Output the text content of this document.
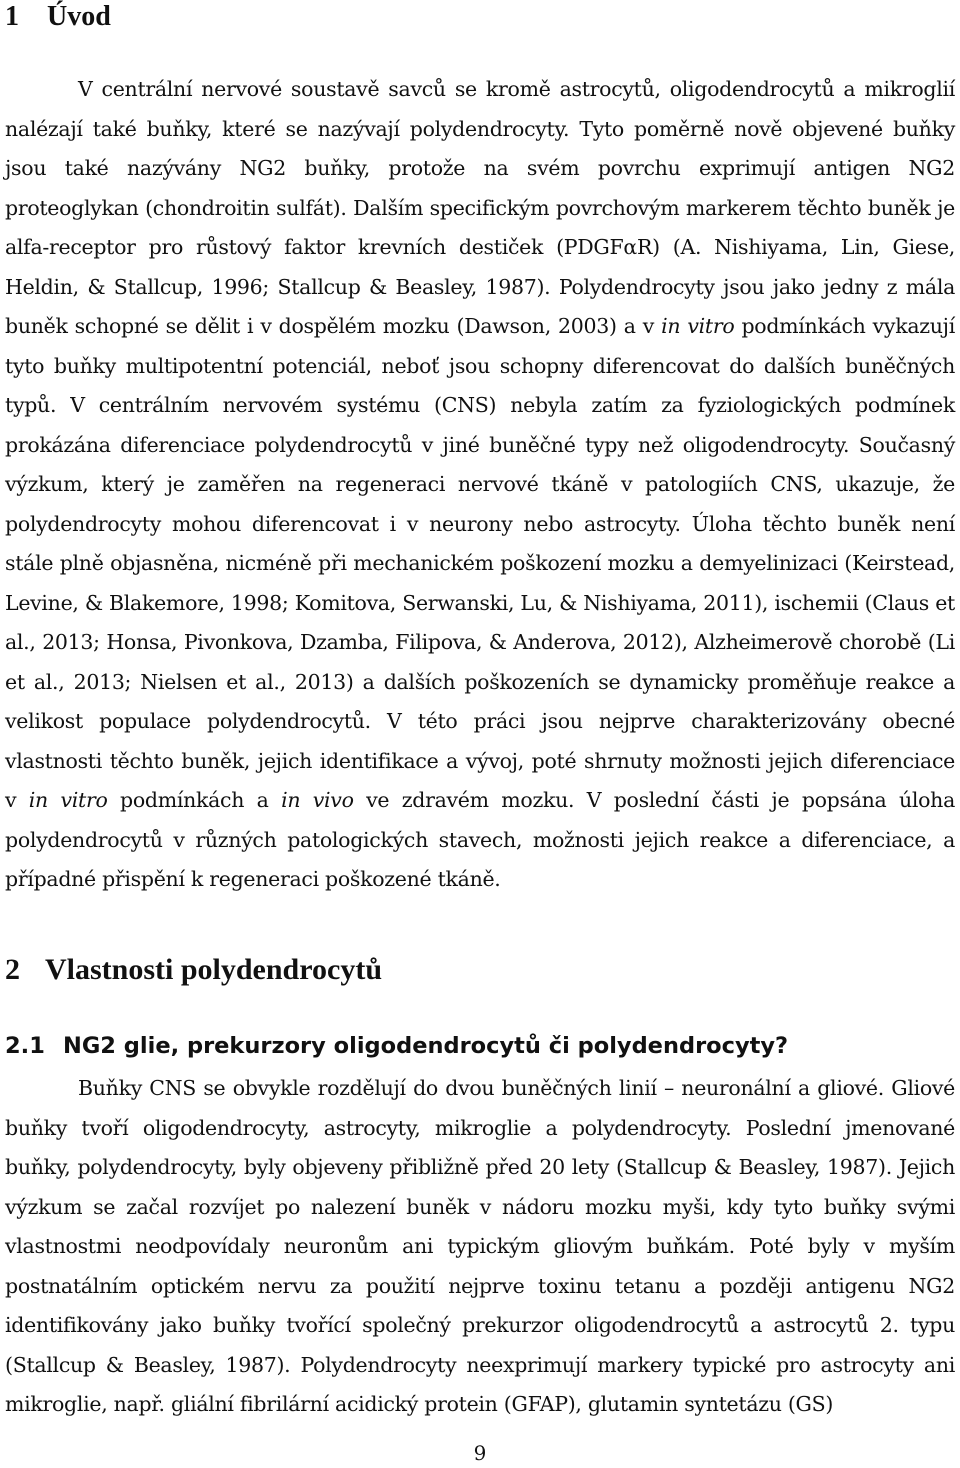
1 Úvod

V centrální nervové soustavě savců se kromě astrocytů, oligodendrocytů a mikroglií nalézají také buňky, které se nazývají polydendrocyty. Tyto poměrně nově objevené buňky jsou také nazývány NG2 buňky, protože na svém povrchu exprimují antigen NG2 proteoglykan (chondroitin sulfát). Dalším specifickým povrchovým markerem těchto buněk je alfa-receptor pro růstový faktor krevních destiček (PDGFαR) (A. Nishiyama, Lin, Giese, Heldin, & Stallcup, 1996; Stallcup & Beasley, 1987). Polydendrocyty jsou jako jedny z mála buněk schopné se dělit i v dospělém mozku (Dawson, 2003) a v in vitro podmínkách vykazují tyto buňky multipotentní potenciál, neboť jsou schopny diferencovat do dalších buněčných typů. V centrálním nervovém systému (CNS) nebyla zatím za fyziologických podmínek prokázána diferenciace polydendrocytů v jiné buněčné typy než oligodendrocyty. Současný výzkum, který je zaměřen na regeneraci nervové tkáně v patologiích CNS, ukazuje, že polydendrocyty mohou diferencovat i v neurony nebo astrocyty. Úloha těchto buněk není stále plně objasněna, nicméně při mechanickém poškození mozku a demyelinizaci (Keirstead, Levine, & Blakemore, 1998; Komitova, Serwanski, Lu, & Nishiyama, 2011), ischemii (Claus et al., 2013; Honsa, Pivonkova, Dzamba, Filipova, & Anderova, 2012), Alzheimerově chorobě (Li et al., 2013; Nielsen et al., 2013) a dalších poškozeních se dynamicky proměňuje reakce a velikost populace polydendrocytů. V této práci jsou nejprve charakterizovány obecné vlastnosti těchto buněk, jejich identifikace a vývoj, poté shrnuty možnosti jejich diferenciace v in vitro podmínkách a in vivo ve zdravém mozku. V poslední části je popsána úloha polydendrocytů v různých patologických stavech, možnosti jejich reakce a diferenciace, a případné přispění k regeneraci poškozené tkáně.

2 Vlastnosti polydendrocytů
2.1 NG2 glie, prekurzory oligodendrocytů či polydendrocyty?

Buňky CNS se obvykle rozdělují do dvou buněčných linií – neuronální a gliové. Gliové buňky tvoří oligodendrocyty, astrocyty, mikroglie a polydendrocyty. Poslední jmenované buňky, polydendrocyty, byly objeveny přibližně před 20 lety (Stallcup & Beasley, 1987). Jejich výzkum se začal rozvíjet po nalezení buněk v nádoru mozku myši, kdy tyto buňky svými vlastnostmi neodpovídaly neuronům ani typickým gliovým buňkám. Poté byly v myším postnatálním optickém nervu za použití nejprve toxinu tetanu a později antigenu NG2 identifikovány jako buňky tvořící společný prekurzor oligodendrocytů a astrocytů 2. typu (Stallcup & Beasley, 1987). Polydendrocyty neexprimují markery typické pro astrocyty ani mikroglie, např. gliální fibrilární acidický protein (GFAP), glutamin syntetázu (GS)

9
